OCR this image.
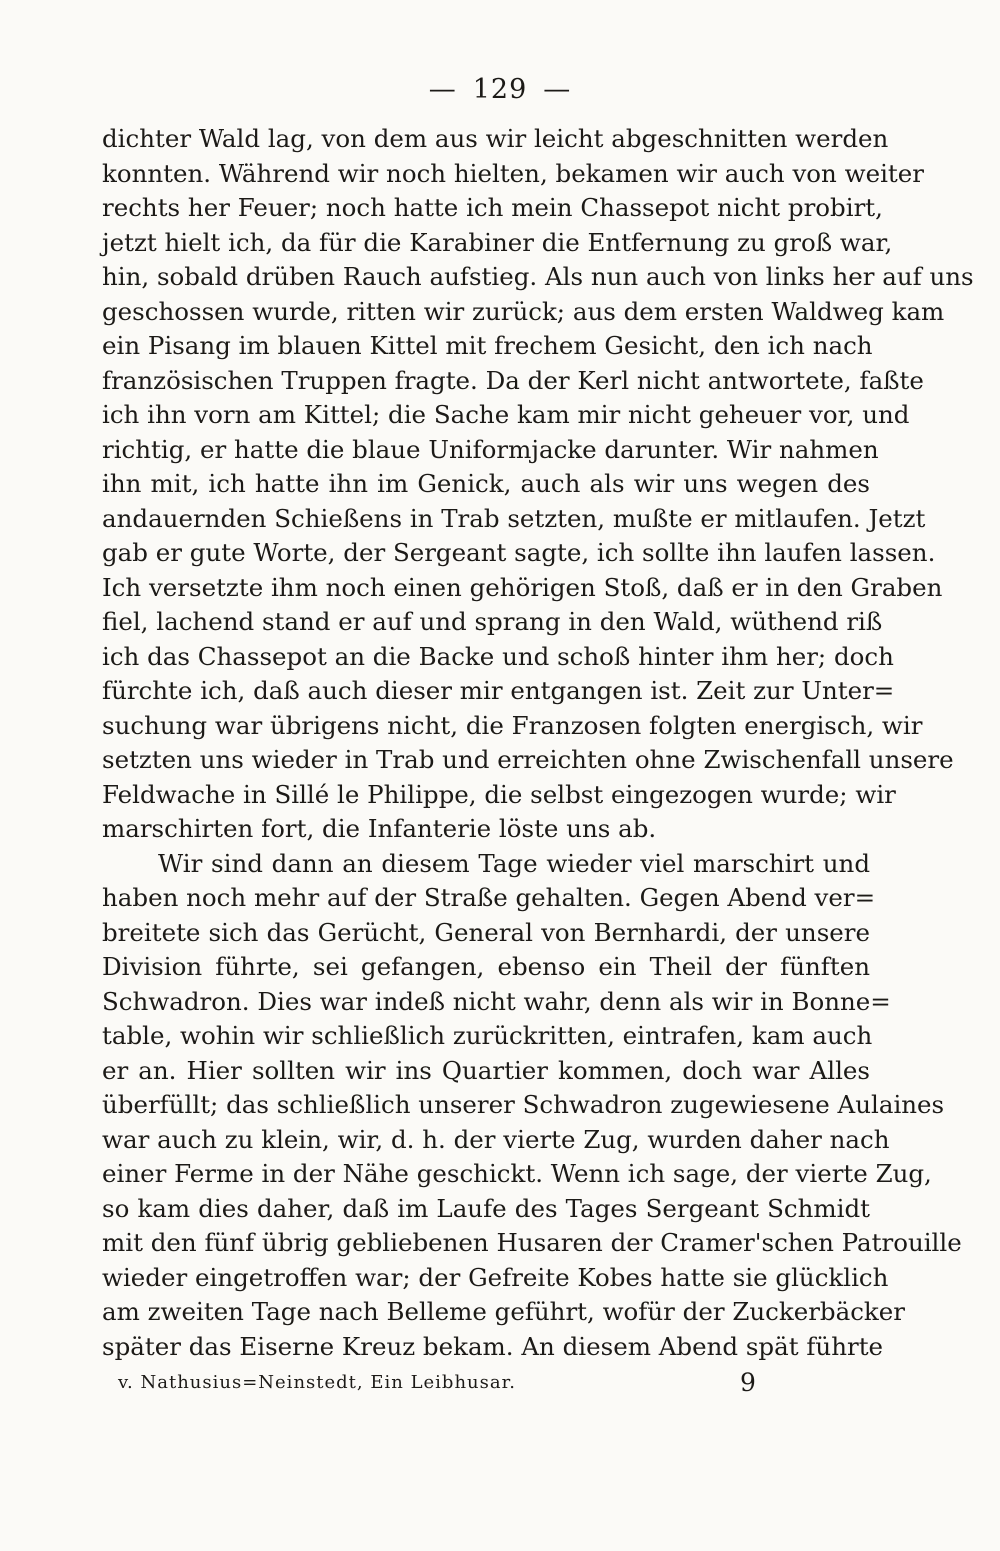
— 129 —
dichter Wald lag, von dem aus wir leicht abgeschnitten werden
konnten. Während wir noch hielten, bekamen wir auch von weiter
rechts her Feuer; noch hatte ich mein Chassepot nicht probirt,
jetzt hielt ich, da für die Karabiner die Entfernung zu groß war,
hin, sobald drüben Rauch aufstieg. Als nun auch von links her auf uns
geschossen wurde, ritten wir zurück; aus dem ersten Waldweg kam
ein Pisang im blauen Kittel mit frechem Gesicht, den ich nach
französischen Truppen fragte. Da der Kerl nicht antwortete, faßte
ich ihn vorn am Kittel; die Sache kam mir nicht geheuer vor, und
richtig, er hatte die blaue Uniformjacke darunter. Wir nahmen
ihn mit, ich hatte ihn im Genick, auch als wir uns wegen des
andauernden Schießens in Trab setzten, mußte er mitlaufen. Jetzt
gab er gute Worte, der Sergeant sagte, ich sollte ihn laufen lassen.
Ich versetzte ihm noch einen gehörigen Stoß, daß er in den Graben
fiel, lachend stand er auf und sprang in den Wald, wüthend riß
ich das Chassepot an die Backe und schoß hinter ihm her; doch
fürchte ich, daß auch dieser mir entgangen ist. Zeit zur Unter=
suchung war übrigens nicht, die Franzosen folgten energisch, wir
setzten uns wieder in Trab und erreichten ohne Zwischenfall unsere
Feldwache in Sillé le Philippe, die selbst eingezogen wurde; wir
marschirten fort, die Infanterie löste uns ab.
Wir sind dann an diesem Tage wieder viel marschirt und
haben noch mehr auf der Straße gehalten. Gegen Abend ver=
breitete sich das Gerücht, General von Bernhardi, der unsere
Division führte, sei gefangen, ebenso ein Theil der fünften
Schwadron. Dies war indeß nicht wahr, denn als wir in Bonne=
table, wohin wir schließlich zurückritten, eintrafen, kam auch
er an. Hier sollten wir ins Quartier kommen, doch war Alles
überfüllt; das schließlich unserer Schwadron zugewiesene Aulaines
war auch zu klein, wir, d. h. der vierte Zug, wurden daher nach
einer Ferme in der Nähe geschickt. Wenn ich sage, der vierte Zug,
so kam dies daher, daß im Laufe des Tages Sergeant Schmidt
mit den fünf übrig gebliebenen Husaren der Cramer'schen Patrouille
wieder eingetroffen war; der Gefreite Kobes hatte sie glücklich
am zweiten Tage nach Belleme geführt, wofür der Zuckerbäcker
später das Eiserne Kreuz bekam. An diesem Abend spät führte
v. Nathusius=Neinstedt, Ein Leibhusar.	9
